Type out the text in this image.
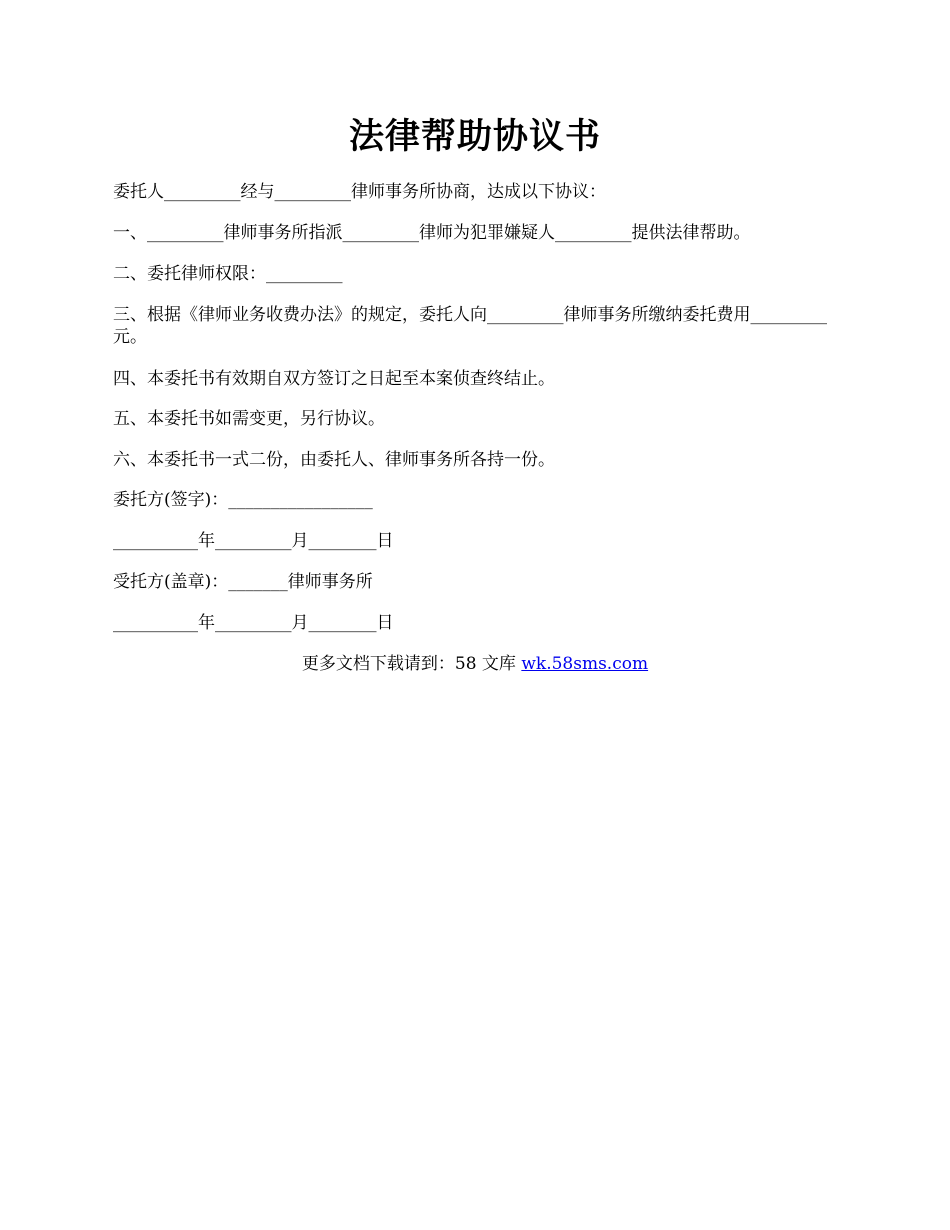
法律帮助协议书
委托人_________经与_________律师事务所协商，达成以下协议：
一、_________律师事务所指派_________律师为犯罪嫌疑人_________提供法律帮助。
二、委托律师权限：_________
三、根据《律师业务收费办法》的规定，委托人向_________律师事务所缴纳委托费用_________元。
四、本委托书有效期自双方签订之日起至本案侦查终结止。
五、本委托书如需变更，另行协议。
六、本委托书一式二份，由委托人、律师事务所各持一份。
委托方(签字)：_________________
__________年_________月________日
受托方(盖章)：_______律师事务所
__________年_________月________日
更多文档下载请到：58 文库 wk.58sms.com
